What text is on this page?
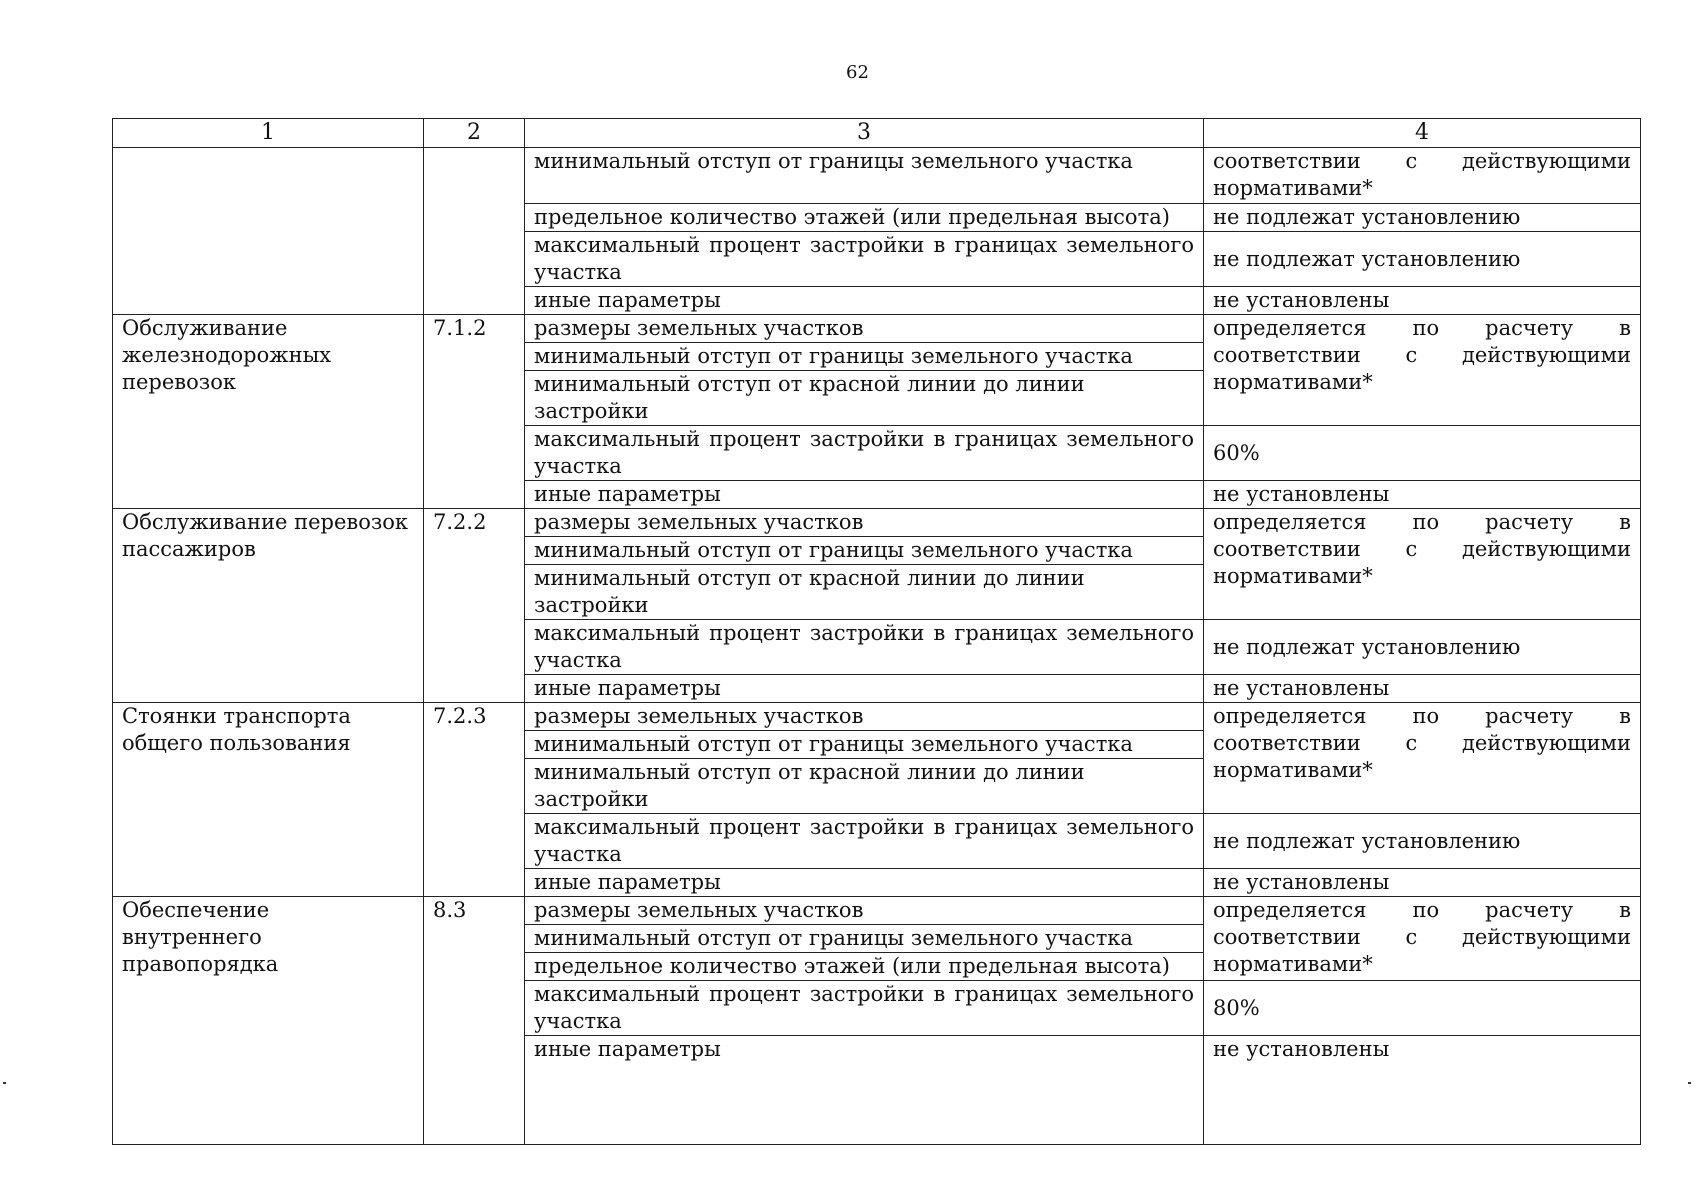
62
1	2	3	4
		минимальный отступ от границы земельного участка	соответствии с действующими
нормативами*

		предельное количество этажей (или предельная высота)	не подлежат установлению
		максимальный процент застройки в границах земельного участка	не подлежат установлению
		иные параметры	не установлены
Обслуживание железнодорожных перевозок	7.1.2	размеры земельных участков	определяется по расчету в соответствии с действующими нормативами*
		минимальный отступ от границы земельного участка	
		минимальный отступ от красной линии до линии застройки	
		максимальный процент застройки в границах земельного участка	60%
		иные параметры	не установлены
Обслуживание перевозок пассажиров	7.2.2	размеры земельных участков	определяется по расчету в соответствии с действующими нормативами*
		минимальный отступ от границы земельного участка	
		минимальный отступ от красной линии до линии застройки	
		максимальный процент застройки в границах земельного участка	не подлежат установлению
		иные параметры	не установлены
Стоянки транспорта общего пользования	7.2.3	размеры земельных участков	определяется по расчету в соответствии с действующими нормативами*
		минимальный отступ от границы земельного участка	
		минимальный отступ от красной линии до линии застройки	
		максимальный процент застройки в границах земельного участка	не подлежат установлению
		иные параметры	не установлены
Обеспечение внутреннего правопорядка	8.3	размеры земельных участков	определяется по расчету в соответствии с действующими нормативами*
		минимальный отступ от границы земельного участка	
		предельное количество этажей (или предельная высота)	
		максимальный процент застройки в границах земельного участка	80%
		иные параметры	не установлены
